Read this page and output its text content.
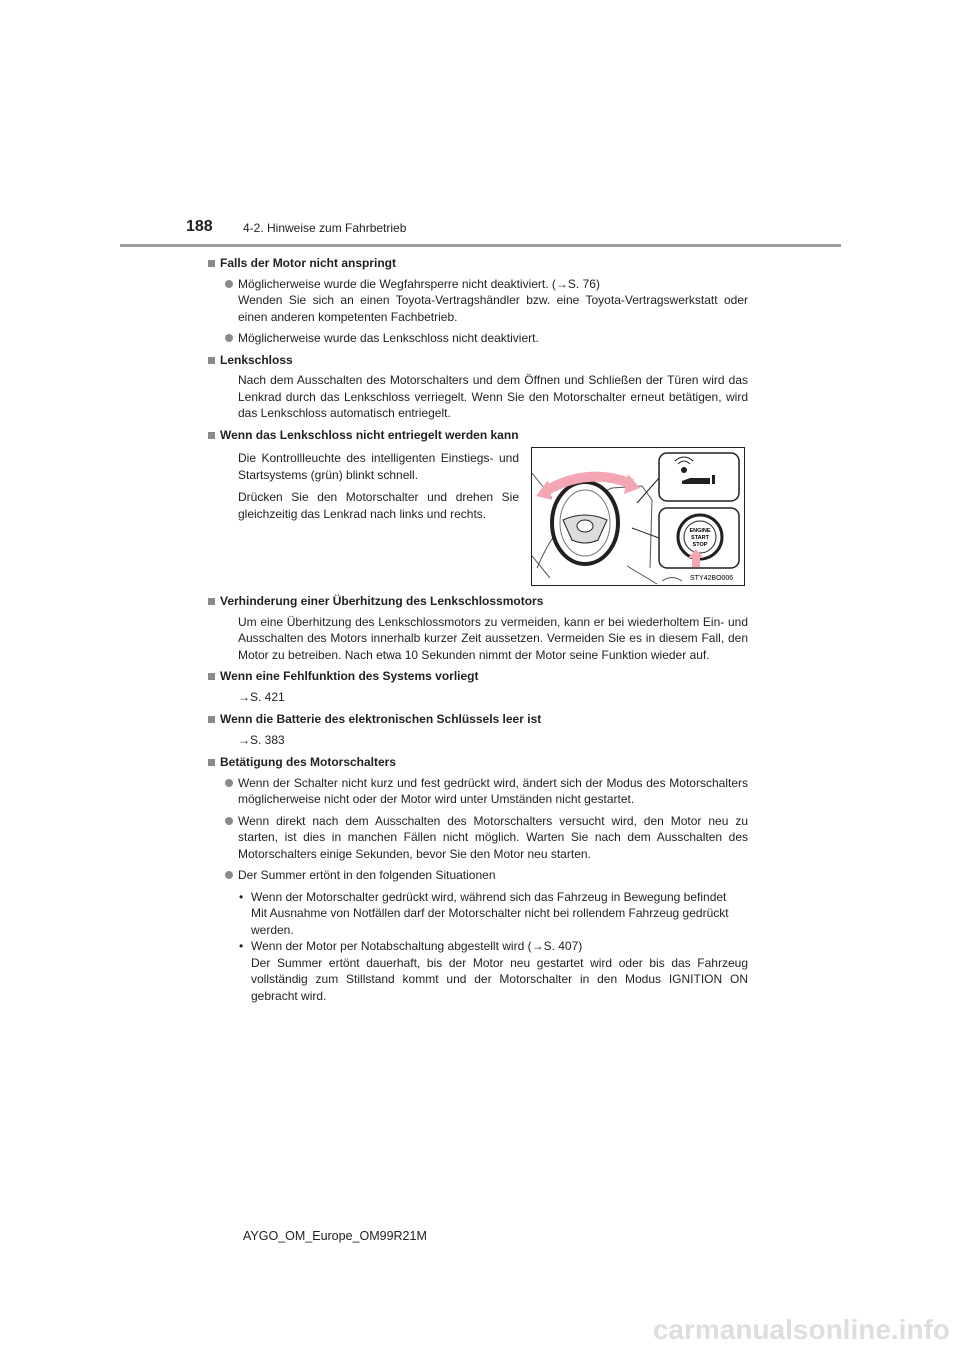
188	4-2. Hinweise zum Fahrbetrieb
Falls der Motor nicht anspringt
Möglicherweise wurde die Wegfahrsperre nicht deaktiviert. (→S. 76)
Wenden Sie sich an einen Toyota-Vertragshändler bzw. eine Toyota-Vertragswerkstatt oder einen anderen kompetenten Fachbetrieb.
Möglicherweise wurde das Lenkschloss nicht deaktiviert.
Lenkschloss
Nach dem Ausschalten des Motorschalters und dem Öffnen und Schließen der Türen wird das Lenkrad durch das Lenkschloss verriegelt. Wenn Sie den Motorschalter erneut betätigen, wird das Lenkschloss automatisch entriegelt.
Wenn das Lenkschloss nicht entriegelt werden kann

Die Kontrollleuchte des intelligenten Einstiegs- und Startsystems (grün) blinkt schnell.

Drücken Sie den Motorschalter und drehen Sie gleichzeitig das Lenkrad nach links und rechts.

ENGINE
START
STOP
STY42BO006
Verhinderung einer Überhitzung des Lenkschlossmotors
Um eine Überhitzung des Lenkschlossmotors zu vermeiden, kann er bei wiederholtem Ein- und Ausschalten des Motors innerhalb kurzer Zeit aussetzen. Vermeiden Sie es in diesem Fall, den Motor zu betreiben. Nach etwa 10 Sekunden nimmt der Motor seine Funktion wieder auf.
Wenn eine Fehlfunktion des Systems vorliegt
→S. 421
Wenn die Batterie des elektronischen Schlüssels leer ist
→S. 383
Betätigung des Motorschalters
Wenn der Schalter nicht kurz und fest gedrückt wird, ändert sich der Modus des Motorschalters möglicherweise nicht oder der Motor wird unter Umständen nicht gestartet.
Wenn direkt nach dem Ausschalten des Motorschalters versucht wird, den Motor neu zu starten, ist dies in manchen Fällen nicht möglich. Warten Sie nach dem Ausschalten des Motorschalters einige Sekunden, bevor Sie den Motor neu starten.
Der Summer ertönt in den folgenden Situationen
• Wenn der Motorschalter gedrückt wird, während sich das Fahrzeug in Bewegung befindet
Mit Ausnahme von Notfällen darf der Motorschalter nicht bei rollendem Fahrzeug gedrückt werden.
• Wenn der Motor per Notabschaltung abgestellt wird (→S. 407)
Der Summer ertönt dauerhaft, bis der Motor neu gestartet wird oder bis das Fahrzeug vollständig zum Stillstand kommt und der Motorschalter in den Modus IGNITION ON gebracht wird.
AYGO_OM_Europe_OM99R21M
carmanualsonline.info
